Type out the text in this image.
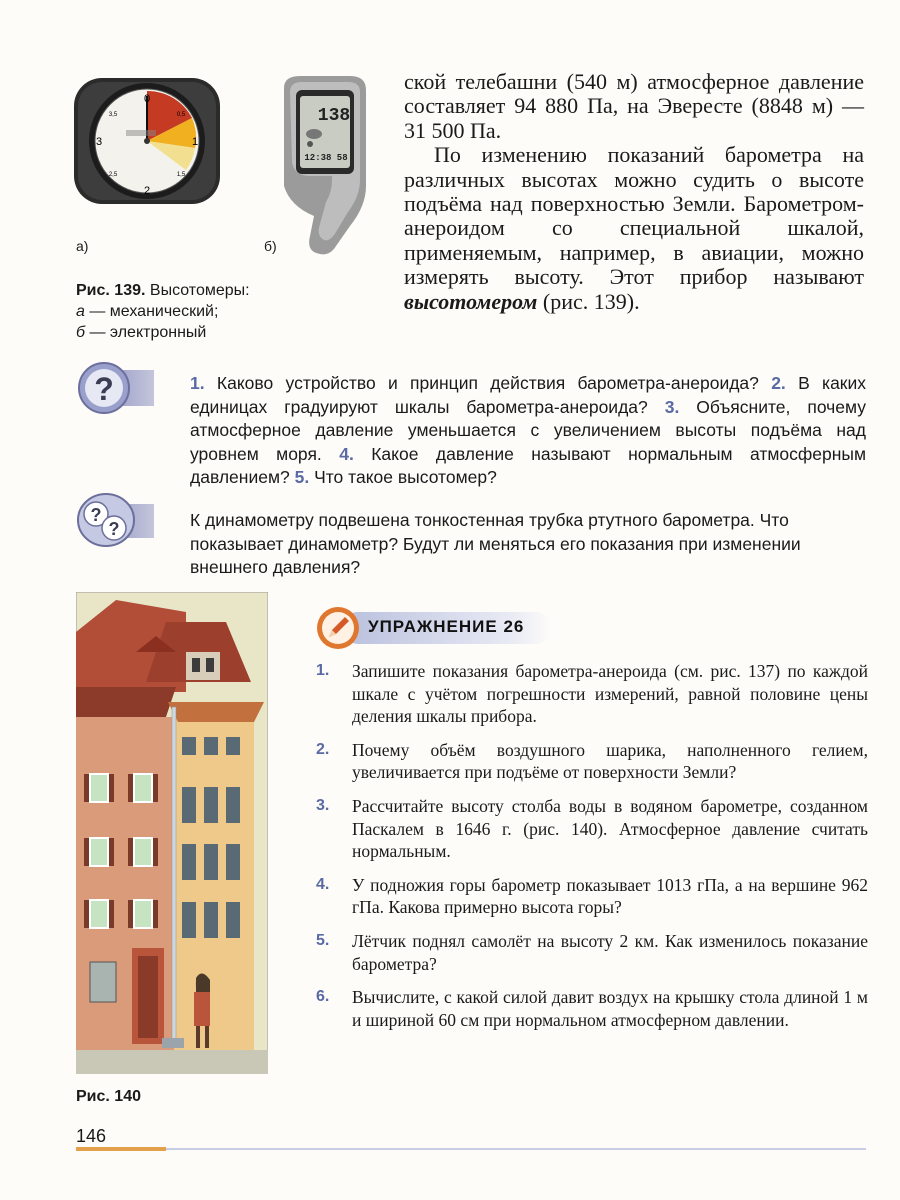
0
1
2
3
0,5
1,5
2,5
3,5
а)
138
12:38 58
б)
Рис. 139. Высотомеры:
а — механический;
б — электронный

ской телебашни (540 м) атмосферное давление составляет 94 880 Па, на Эвересте (8848 м) — 31 500 Па.

По изменению показаний барометра на различных высотах можно судить о высоте подъёма над поверхностью Земли. Барометром-анероидом со специальной шкалой, применяемым, например, в авиации, можно измерять высоту. Этот прибор называют высотомером (рис. 139).

?	1. Каково устройство и принцип действия барометра-анероида? 2. В каких единицах градуируют шкалы барометра-анероида? 3. Объясните, почему атмосферное давление уменьшается с увеличением высоты подъёма над уровнем моря. 4. Какое давление называют нормальным атмосферным давлением? 5. Что такое высотомер?
?
?	К динамометру подвешена тонкостенная трубка ртутного барометра. Что показывает динамометр? Будут ли меняться его показания при изменении внешнего давления?
Рис. 140
УПРАЖНЕНИЕ 26
1. Запишите показания барометра-анероида (см. рис. 137) по каждой шкале с учётом погрешности измерений, равной половине цены деления шкалы прибора.
2. Почему объём воздушного шарика, наполненного гелием, увеличивается при подъёме от поверхности Земли?
3. Рассчитайте высоту столба воды в водяном барометре, созданном Паскалем в 1646 г. (рис. 140). Атмосферное давление считать нормальным.
4. У подножия горы барометр показывает 1013 гПа, а на вершине 962 гПа. Какова примерно высота горы?
5. Лётчик поднял самолёт на высоту 2 км. Как изменилось показание барометра?
6. Вычислите, с какой силой давит воздух на крышку стола длиной 1 м и шириной 60 см при нормальном атмосферном давлении.
146
